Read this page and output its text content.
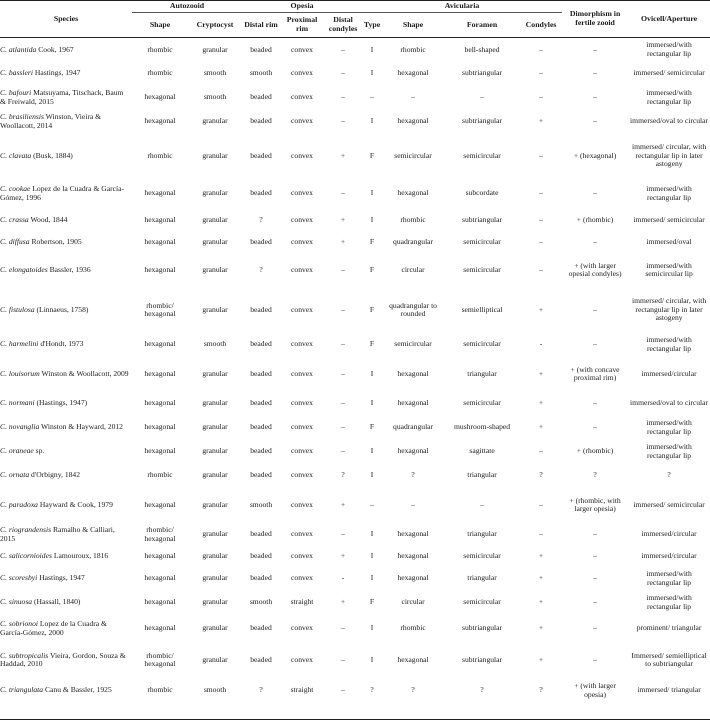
Species	Autozooid		Opesia			Avicularia				Dimorphism in fertile zooid	Ovicell/Aperture
	Shape	Cryptocyst	Distal rim	Proximal rim	Distal condyles	Type	Shape	Foramen	Condyles		
C. atlantida Cook, 1967	rhombic	granular	beaded	convex	–	I	rhombic	bell-shaped	–	–	immersed/with rectangular lip
C. bassleri Hastings, 1947	rhombic	smooth	smooth	convex	–	I	hexagonal	subtriangular	–	–	immersed/ semicircular
C. bafouri Matsuyama, Titschack, Baum & Freiwald, 2015	hexagonal	smooth	beaded	convex	–	–	–	–	–	–	immersed/with rectangular lip
C. brasiliensis Winston, Vieira & Woollacott, 2014	hexagonal	granular	beaded	convex	–	I	hexagonal	subtriangular	+	–	immersed/oval to circular
C. clavata (Busk, 1884)	rhombic	granular	beaded	convex	+	F	semicircular	semicircular	–	+ (hexagonal)	immersed/ circular, with rectangular lip in later astogeny
C. cookae Lopez de la Cuadra & García-Gómez, 1996	hexagonal	granular	beaded	convex	–	I	hexagonal	subcordate	–	–	immersed/with rectangular lip
C. crassa Wood, 1844	hexagonal	granular	?	convex	+	I	rhombic	subtriangular	–	+ (rhombic)	immersed/ semicircular
C. diffusa Robertson, 1905	hexagonal	granular	beaded	convex	+	F	quadrangular	semicircular	–	–	immersed/oval
C. elongatoides Bassler, 1936	hexagonal	granular	?	convex	–	F	circular	semicircular	–	+ (with larger opesial condyles)	immersed/with semicircular lip
C. fistulosa (Linnaeus, 1758)	rhombic/ hexagonal	granular	beaded	convex	–	F	quadrangular to rounded	semielliptical	+	–	immersed/ circular, with rectangular lip in later astogeny
C. harmelini d'Hondt, 1973	hexagonal	smooth	beaded	convex	–	F	semicircular	semicircular	-	–	immersed/with rectangular lip
C. louisorum Winston & Woollacott, 2009	hexagonal	granular	beaded	convex	–	I	hexagonal	triangular	+	+ (with concave proximal rim)	immersed/circular
C. normani (Hastings, 1947)	hexagonal	granular	beaded	convex	–	I	hexagonal	semicircular	+	–	immersed/oval to circular
C. novanglia Winston & Hayward, 2012	hexagonal	granular	beaded	convex	–	F	quadrangular	mushroom-shaped	+	–	immersed/with rectangular lip
C. oraneae sp.	hexagonal	granular	beaded	convex	–	I	hexagonal	sagittate	–	+ (rhombic)	immersed/with rectangular lip
C. ornata d'Orbigny, 1842	rhombic	granular	beaded	convex	?	I	?	triangular	?	?	?
C. paradoxa Hayward & Cook, 1979	hexagonal	granular	smooth	convex	+	–	–	–	–	+ (rhombic, with larger opesia)	immersed/ semicircular
C. riograndensis Ramalho & Calliari, 2015	rhombic/ hexagonal	granular	beaded	convex	–	I	hexagonal	triangular	–	–	immersed/circular
C. salicornioides Lamouroux, 1816	hexagonal	granular	beaded	convex	+	I	hexagonal	semicircular	+	–	immersed/circular
C. scoresbyi Hastings, 1947	hexagonal	granular	beaded	convex	-	I	hexagonal	triangular	+	–	immersed/with rectangular lip
C. sinuosa (Hassall, 1840)	hexagonal	granular	smooth	straight	+	F	circular	semicircular	+	–	immersed/with rectangular lip
C. sobrionoi Lopez de la Cuadra & García-Gómez, 2000	hexagonal	granular	beaded	convex	–	I	rhombic	subtriangular	+	–	prominent/ triangular
C. subtropicalis Vieira, Gordon, Souza & Haddad, 2010	rhombic/ hexagonal	granular	beaded	convex	–	I	hexagonal	subtriangular	+	–	Immersed/ semielliptical to subtriangular
C. triangulata Canu & Bassler, 1925	rhombic	smooth	?	straight	–	?	?	?	?	+ (with larger opesia)	immersed/ triangular
